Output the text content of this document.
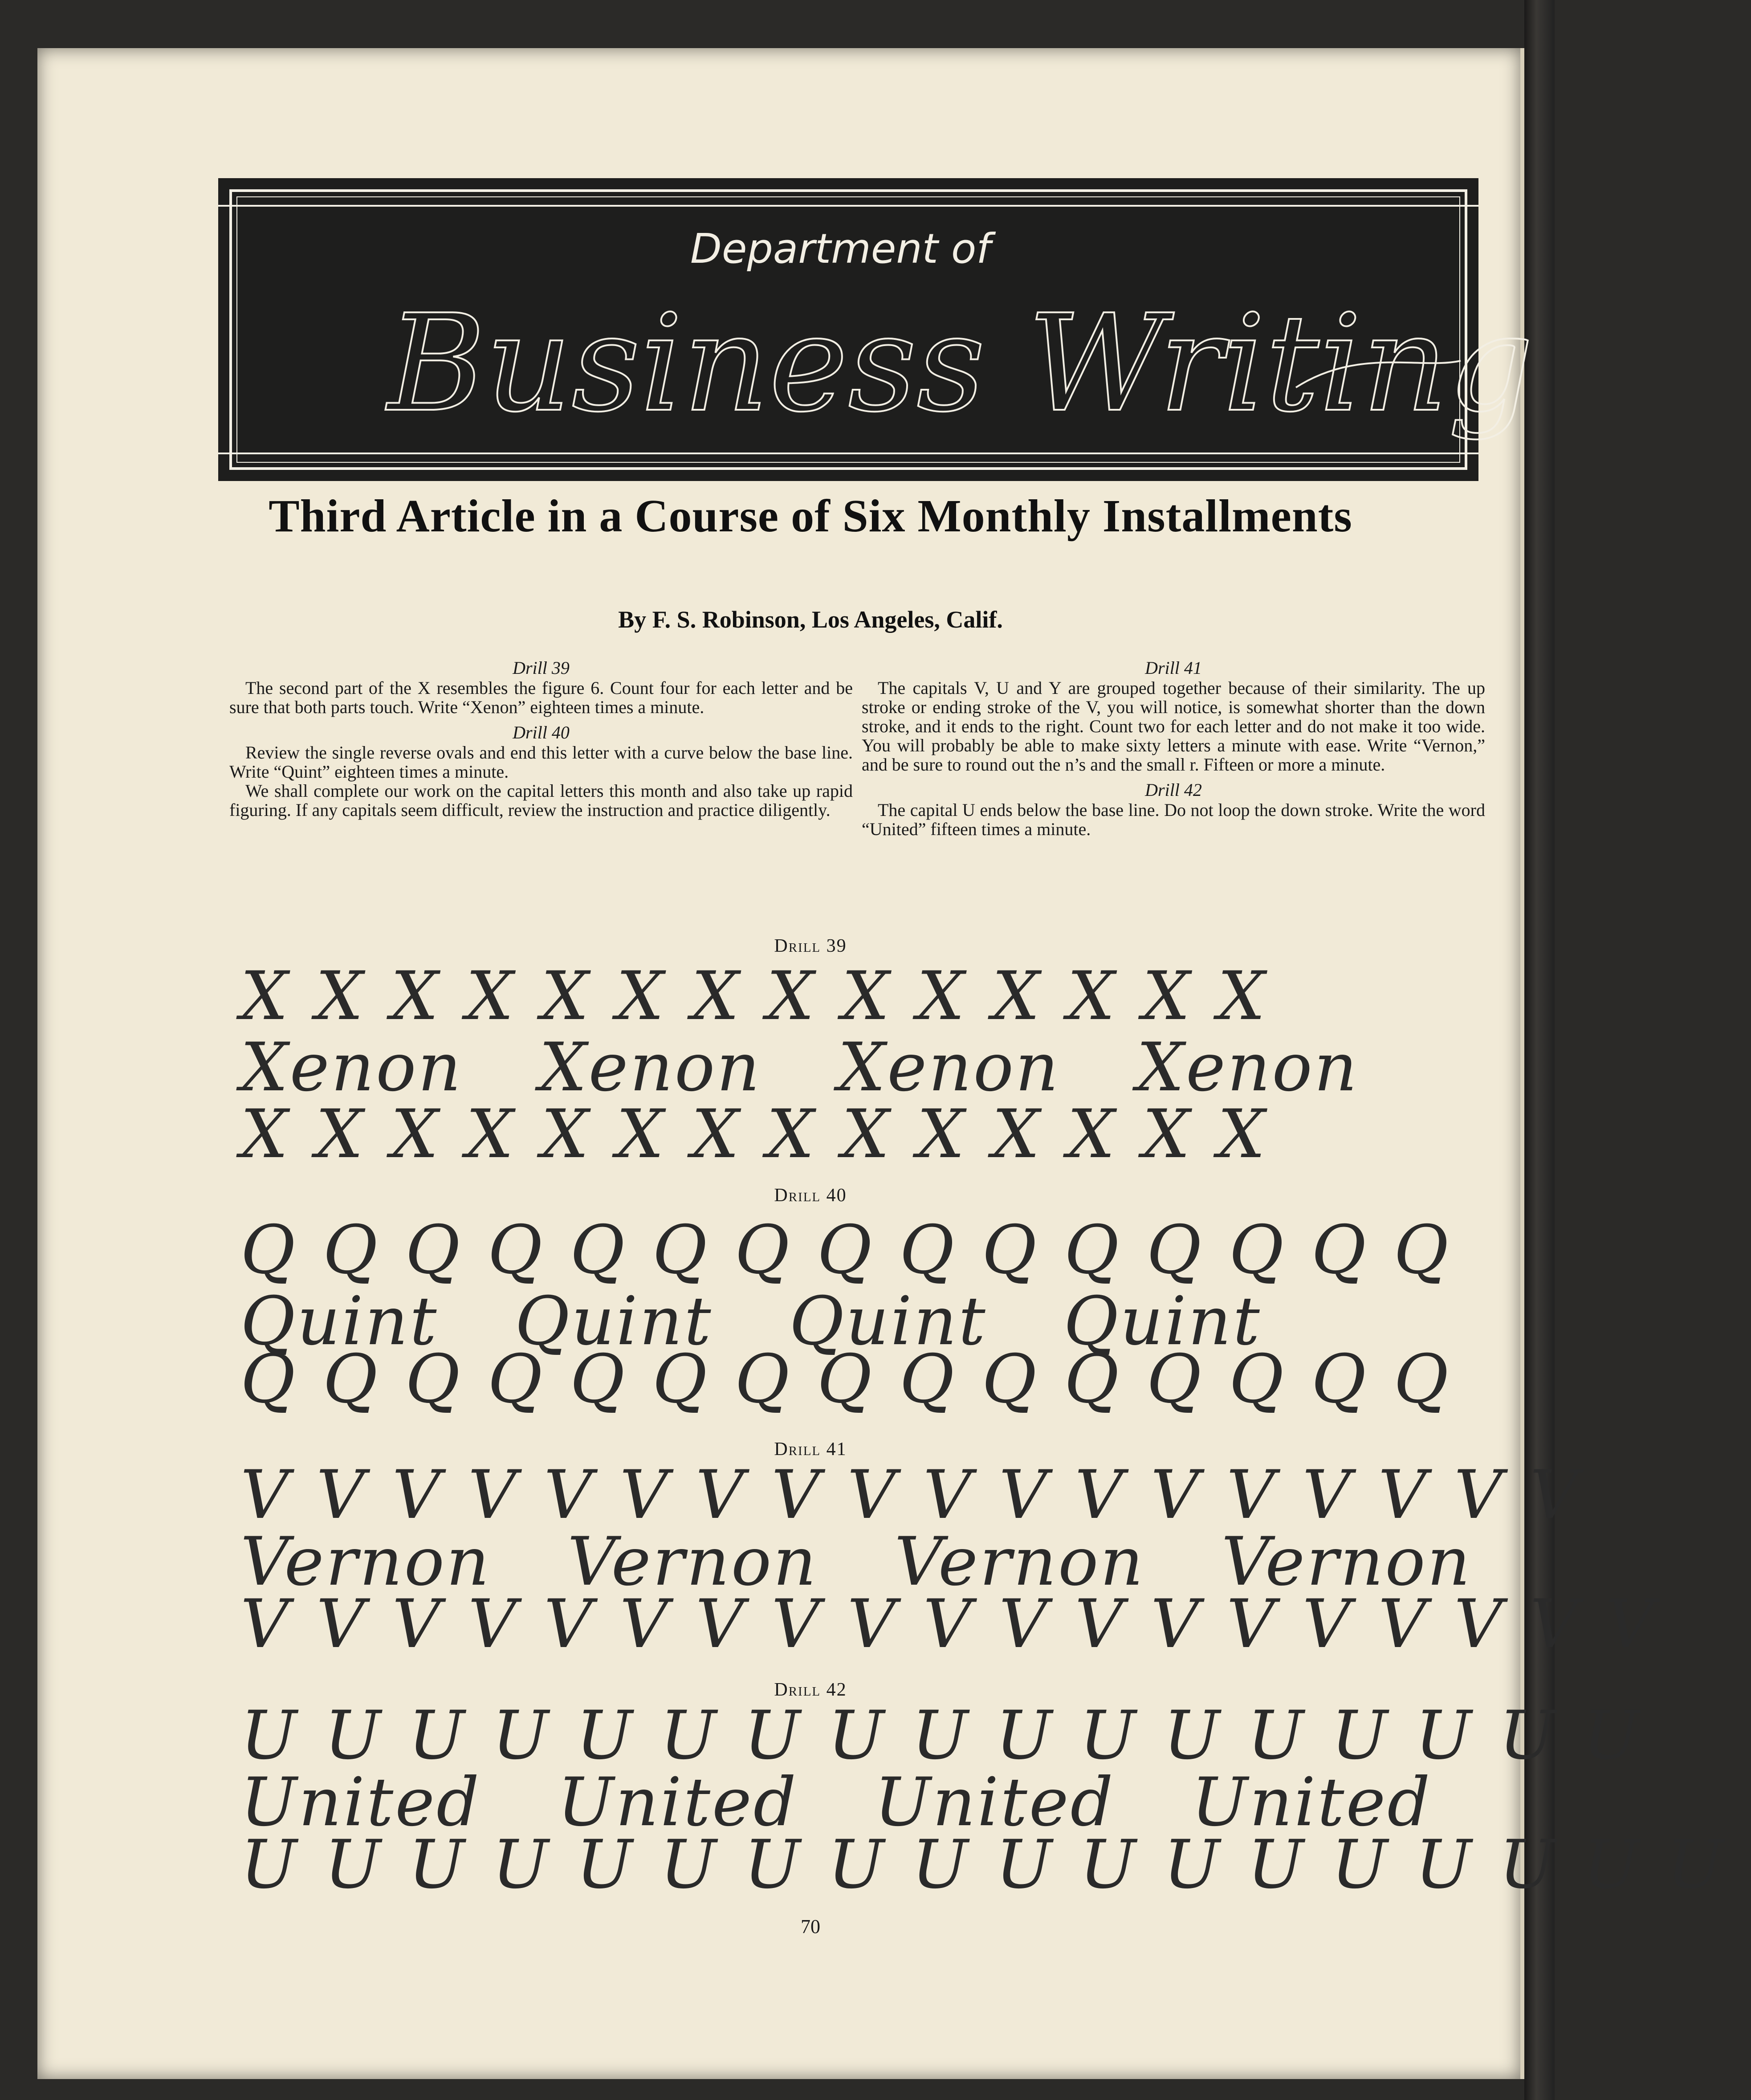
Department of
Business Writing
Third Article in a Course of Six Monthly Installments
By F. S. Robinson, Los Angeles, Calif.
Drill 39

The second part of the X resembles the figure 6. Count four for each letter and be sure that both parts touch. Write “Xenon” eighteen times a minute.

Drill 40

Review the single reverse ovals and end this letter with a curve below the base line. Write “Quint” eighteen times a minute.

We shall complete our work on the capital letters this month and also take up rapid figuring. If any capitals seem difficult, review the instruction and practice diligently.

Drill 41

The capitals V, U and Y are grouped together because of their similarity. The up stroke or ending stroke of the V, you will notice, is somewhat shorter than the down stroke, and it ends to the right. Count two for each letter and do not make it too wide. You will probably be able to make sixty letters a minute with ease. Write “Vernon,” and be sure to round out the n’s and the small r. Fifteen or more a minute.

Drill 42

The capital U ends below the base line. Do not loop the down stroke. Write the word “United” fifteen times a minute.

Drill 39
XXXXXXXXXXXXXX
Xenon Xenon Xenon Xenon
XXXXXXXXXXXXXX
Drill 40
QQQQQQQQQQQQQQQ
Quint Quint Quint Quint
QQQQQQQQQQQQQQQ
Drill 41
VVVVVVVVVVVVVVVVVV
Vernon Vernon Vernon Vernon
VVVVVVVVVVVVVVVVVVV
Drill 42
UUUUUUUUUUUUUUUUU
United United United United
UUUUUUUUUUUUUUUUUU
70
